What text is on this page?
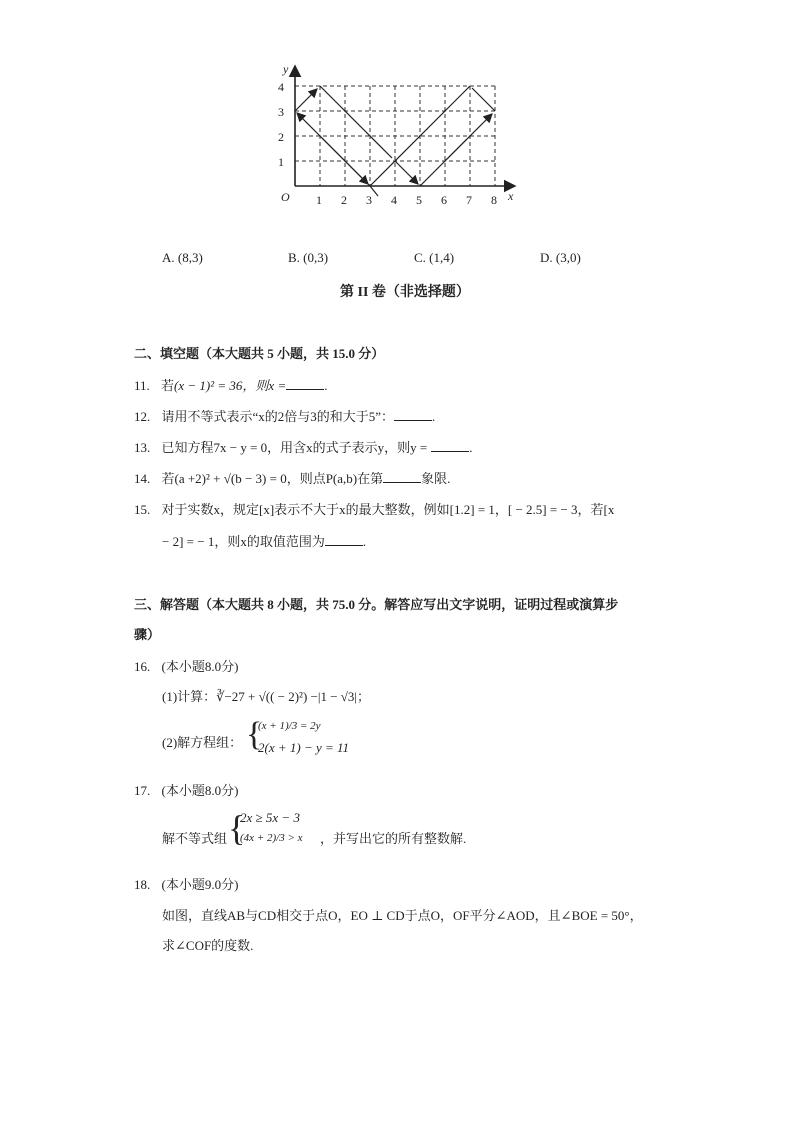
1 2 3 4 5 6 7 8
1
2
3
4
O	x
y
A. (8,3)	B. (0,3)	C. (1,4)	D. (3,0)
第 II 卷（非选择题）
二、填空题（本大题共 5 小题，共 15.0 分）
11. 若(x − 1)² = 36，则x =	.
12. 请用不等式表示“x的2倍与3的和大于5”：	.
13. 已知方程7x − y = 0，用含x的式子表示y，则y =	.
14. 若(a +2)² + √(b − 3) = 0，则点P(a,b)在第	象限.
15. 对于实数x，规定[x]表示不大于x的最大整数，例如[1.2] = 1，[ − 2.5] = − 3，若[x
− 2] = − 1，则x的取值范围为	.
三、解答题（本大题共 8 小题，共 75.0 分。解答应写出文字说明，证明过程或演算步
骤）
16. (本小题8.0分)
(1)计算：∛−27 + √(( − 2)²) −|1 − √3|；
(2)解方程组： {
(x + 1)/3 = 2y
2(x + 1) − y = 11
17. (本小题8.0分)
解不等式组 {
2x ≥ 5x − 3
(4x + 2)/3 > x ，并写出它的所有整数解.
18. (本小题9.0分)
如图，直线AB与CD相交于点O，EO ⊥ CD于点O，OF平分∠AOD，且∠BOE = 50°，
求∠COF的度数.
